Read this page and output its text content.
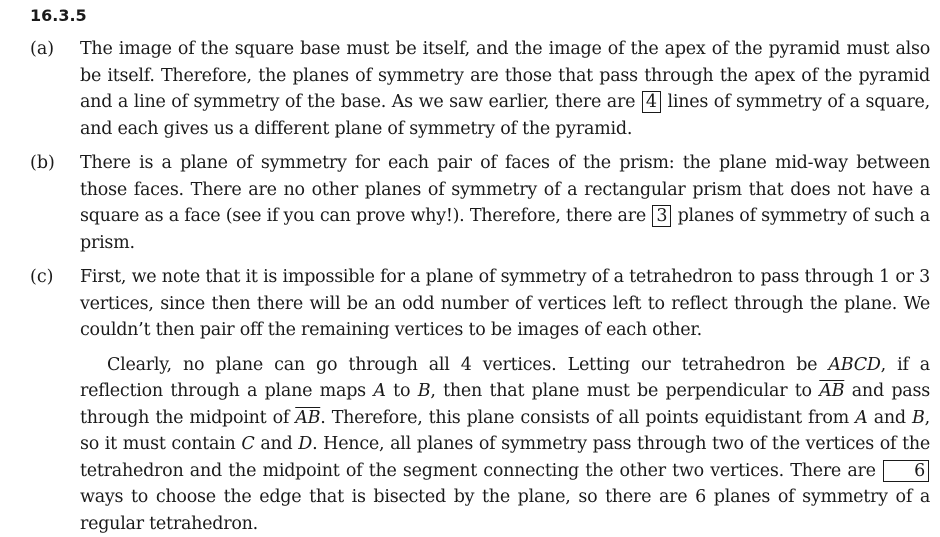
16.3.5
(a) The image of the square base must be itself, and the image of the apex of the pyramid must also be itself. Therefore, the planes of symmetry are those that pass through the apex of the pyramid and a line of symmetry of the base. As we saw earlier, there are 4 lines of symmetry of a square, and each gives us a different plane of symmetry of the pyramid.

(b) There is a plane of symmetry for each pair of faces of the prism: the plane mid-way between those faces. There are no other planes of symmetry of a rectangular prism that does not have a square as a face (see if you can prove why!). Therefore, there are 3 planes of symmetry of such a prism.

(c) First, we note that it is impossible for a plane of symmetry of a tetrahedron to pass through 1 or 3 vertices, since then there will be an odd number of vertices left to reflect through the plane. We couldn’t then pair off the remaining vertices to be images of each other.

Clearly, no plane can go through all 4 vertices. Letting our tetrahedron be ABCD, if a reflection through a plane maps A to B, then that plane must be perpendicular to $\overline{AB}$ and pass through the midpoint of $\overline{AB}$. Therefore, this plane consists of all points equidistant from A and B, so it must contain C and D. Hence, all planes of symmetry pass through two of the vertices of the tetrahedron and the midpoint of the segment connecting the other two vertices. There are 6 ways to choose the edge that is bisected by the plane, so there are 6 planes of symmetry of a regular tetrahedron.
